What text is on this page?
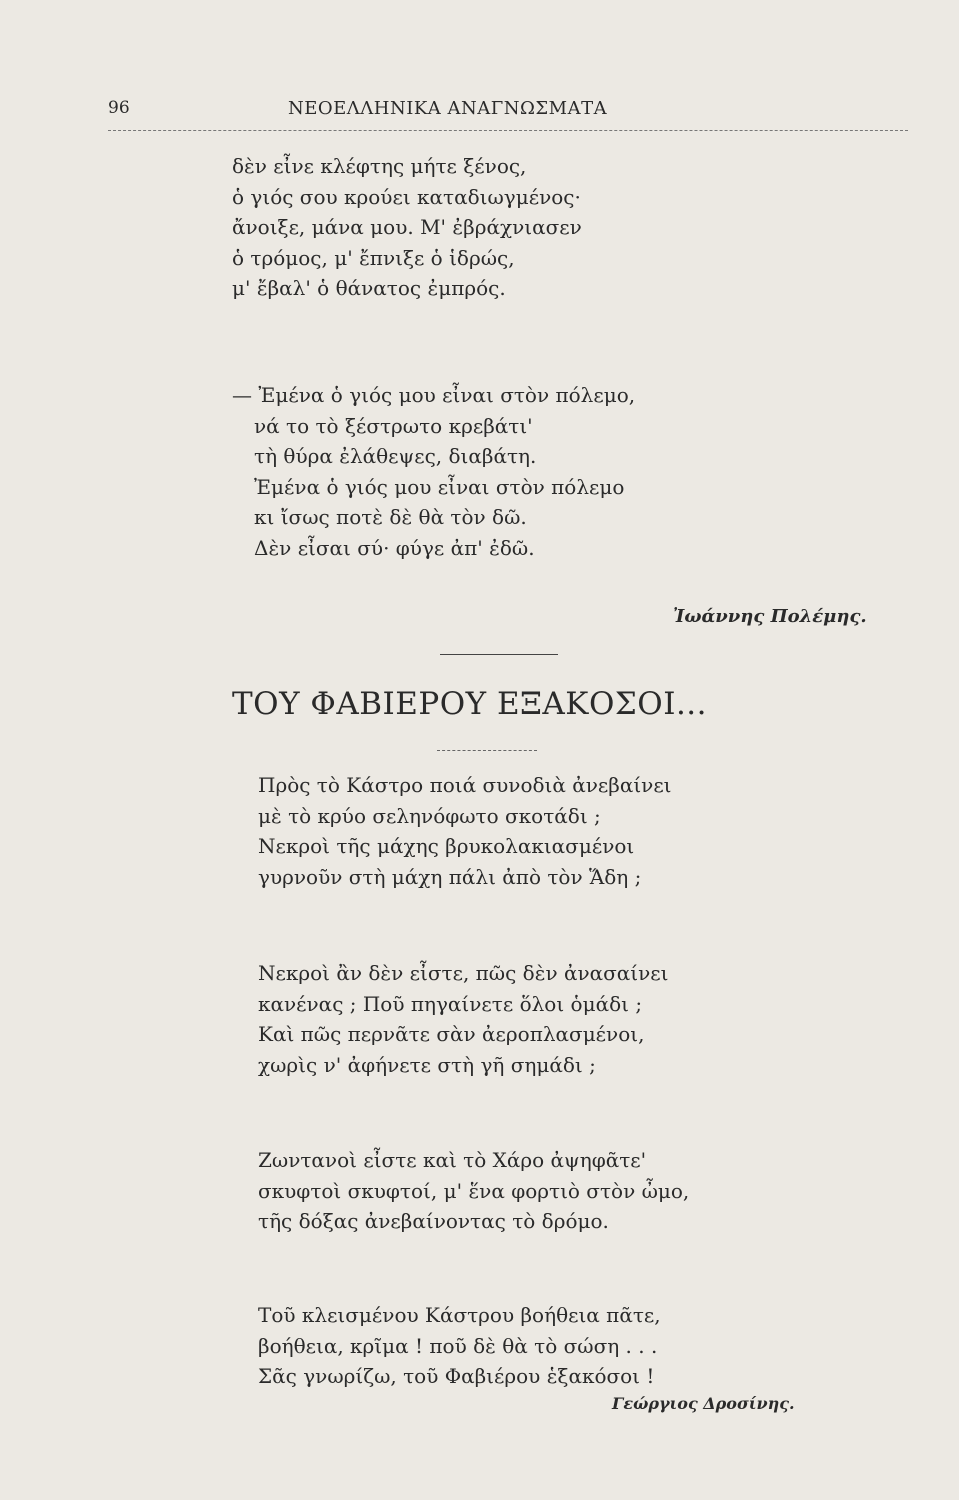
96	ΝΕΟΕΛΛΗΝΙΚΑ ΑΝΑΓΝΩΣΜΑΤΑ
δὲν εἶνε κλέφτης μήτε ξένος,
ὁ γιός σου κρούει καταδιωγμένος·
ἄνοιξε, μάνα μου. Μ' ἐβράχνιασεν
ὁ τρόμος, μ' ἔπνιξε ὁ ἱδρώς,
μ' ἔβαλ' ὁ θάνατος ἐμπρός.
— Ἐμένα ὁ γιός μου εἶναι στὸν πόλεμο,
νά το τὸ ξέστρωτο κρεβάτι'
τὴ θύρα ἐλάθεψες, διαβάτη.
Ἐμένα ὁ γιός μου εἶναι στὸν πόλεμο
κι ἴσως ποτὲ δὲ θὰ τὸν δῶ.
Δὲν εἶσαι σύ· φύγε ἀπ' ἐδῶ.
Ἰωάννης Πολέμης.
ΤΟΥ ΦΑΒΙΕΡΟΥ ΕΞΑΚΟΣΟΙ...
Πρὸς τὸ Κάστρο ποιά συνοδιὰ ἀνεβαίνει
μὲ τὸ κρύο σεληνόφωτο σκοτάδι ;
Νεκροὶ τῆς μάχης βρυκολακιασμένοι
γυρνοῦν στὴ μάχη πάλι ἀπὸ τὸν Ἅδη ;
Νεκροὶ ἂν δὲν εἶστε, πῶς δὲν ἀνασαίνει
κανένας ; Ποῦ πηγαίνετε ὅλοι ὁμάδι ;
Καὶ πῶς περνᾶτε σὰν ἀεροπλασμένοι,
χωρὶς ν' ἀφήνετε στὴ γῆ σημάδι ;
Ζωντανοὶ εἶστε καὶ τὸ Χάρο ἀψηφᾶτε'
σκυφτοὶ σκυφτοί, μ' ἕνα φορτιὸ στὸν ὦμο,
τῆς δόξας ἀνεβαίνοντας τὸ δρόμο.
Τοῦ κλεισμένου Κάστρου βοήθεια πᾶτε,
βοήθεια, κρῖμα ! ποῦ δὲ θὰ τὸ σώση . . .
Σᾶς γνωρίζω, τοῦ Φαβιέρου ἑξακόσοι !
Γεώργιος Δροσίνης.
